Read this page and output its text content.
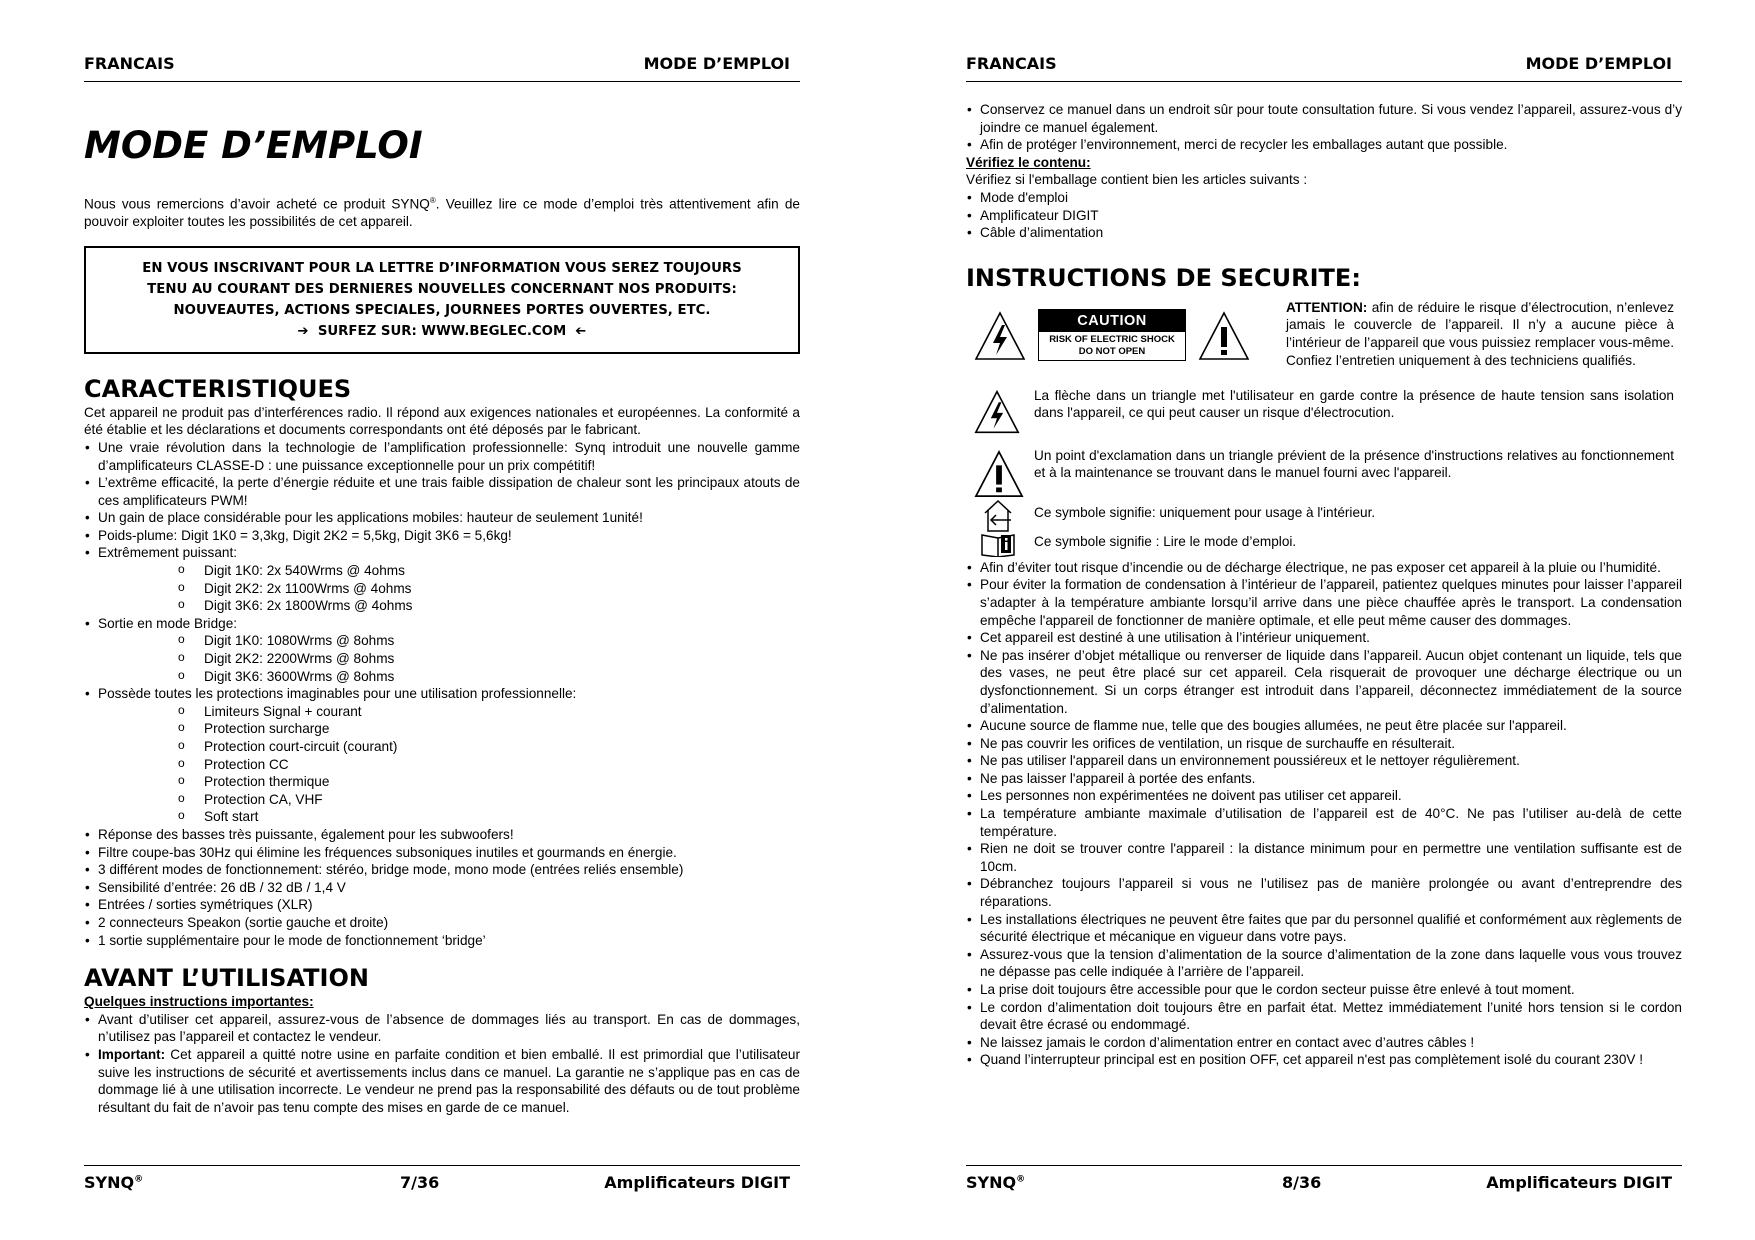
FRANCAIS	MODE D’EMPLOI
MODE D’EMPLOI

Nous vous remercions d’avoir acheté ce produit SYNQ®. Veuillez lire ce mode d’emploi très attentivement afin de pouvoir exploiter toutes les possibilités de cet appareil.

EN VOUS INSCRIVANT POUR LA LETTRE D’INFORMATION VOUS SEREZ TOUJOURS
TENU AU COURANT DES DERNIERES NOUVELLES CONCERNANT NOS PRODUITS:
NOUVEAUTES, ACTIONS SPECIALES, JOURNEES PORTES OUVERTES, ETC.
➔ SURFEZ SUR: WWW.BEGLEC.COM ➔
CARACTERISTIQUES

Cet appareil ne produit pas d’interférences radio. Il répond aux exigences nationales et européennes. La conformité a été établie et les déclarations et documents correspondants ont été déposés par le fabricant.

• Une vraie révolution dans la technologie de l’amplification professionnelle: Synq introduit une nouvelle gamme d’amplificateurs CLASSE-D : une puissance exceptionnelle pour un prix compétitif!
• L’extrême efficacité, la perte d’énergie réduite et une trais faible dissipation de chaleur sont les principaux atouts de ces amplificateurs PWM!
• Un gain de place considérable pour les applications mobiles: hauteur de seulement 1unité!
• Poids-plume: Digit 1K0 = 3,3kg, Digit 2K2 = 5,5kg, Digit 3K6 = 5,6kg!
• Extrêmement puissant:
o Digit 1K0: 2x 540Wrms @ 4ohms
o Digit 2K2: 2x 1100Wrms @ 4ohms
o Digit 3K6: 2x 1800Wrms @ 4ohms
• Sortie en mode Bridge:
o Digit 1K0: 1080Wrms @ 8ohms
o Digit 2K2: 2200Wrms @ 8ohms
o Digit 3K6: 3600Wrms @ 8ohms
• Possède toutes les protections imaginables pour une utilisation professionnelle:
o Limiteurs Signal + courant
o Protection surcharge
o Protection court-circuit (courant)
o Protection CC
o Protection thermique
o Protection CA, VHF
o Soft start
• Réponse des basses très puissante, également pour les subwoofers!
• Filtre coupe-bas 30Hz qui élimine les fréquences subsoniques inutiles et gourmands en énergie.
• 3 différent modes de fonctionnement: stéréo, bridge mode, mono mode (entrées reliés ensemble)
• Sensibilité d’entrée: 26 dB / 32 dB / 1,4 V
• Entrées / sorties symétriques (XLR)
• 2 connecteurs Speakon (sortie gauche et droite)
• 1 sortie supplémentaire pour le mode de fonctionnement ‘bridge’
AVANT L’UTILISATION
Quelques instructions importantes:
• Avant d’utiliser cet appareil, assurez-vous de l’absence de dommages liés au transport. En cas de dommages, n’utilisez pas l’appareil et contactez le vendeur.
• Important: Cet appareil a quitté notre usine en parfaite condition et bien emballé. Il est primordial que l’utilisateur suive les instructions de sécurité et avertissements inclus dans ce manuel. La garantie ne s’applique pas en cas de dommage lié à une utilisation incorrecte. Le vendeur ne prend pas la responsabilité des défauts ou de tout problème résultant du fait de n’avoir pas tenu compte des mises en garde de ce manuel.
SYNQ®	7/36	Amplificateurs DIGIT
FRANCAIS	MODE D’EMPLOI
• Conservez ce manuel dans un endroit sûr pour toute consultation future. Si vous vendez l’appareil, assurez-vous d’y joindre ce manuel également.
• Afin de protéger l’environnement, merci de recycler les emballages autant que possible.
Vérifiez le contenu:

Vérifiez si l'emballage contient bien les articles suivants :

• Mode d'emploi
• Amplificateur DIGIT
• Câble d’alimentation
INSTRUCTIONS DE SECURITE:
CAUTION
RISK OF ELECTRIC SHOCK
DO NOT OPEN

ATTENTION: afin de réduire le risque d’électrocution, n’enlevez jamais le couvercle de l’appareil. Il n’y a aucune pièce à l’intérieur de l’appareil que vous puissiez remplacer vous-même. Confiez l’entretien uniquement à des techniciens qualifiés.

La flèche dans un triangle met l'utilisateur en garde contre la présence de haute tension sans isolation dans l'appareil, ce qui peut causer un risque d'électrocution.

Un point d'exclamation dans un triangle prévient de la présence d'instructions relatives au fonctionnement et à la maintenance se trouvant dans le manuel fourni avec l'appareil.

Ce symbole signifie: uniquement pour usage à l'intérieur.

Ce symbole signifie : Lire le mode d’emploi.

• Afin d’éviter tout risque d’incendie ou de décharge électrique, ne pas exposer cet appareil à la pluie ou l’humidité.
• Pour éviter la formation de condensation à l’intérieur de l’appareil, patientez quelques minutes pour laisser l’appareil s’adapter à la température ambiante lorsqu’il arrive dans une pièce chauffée après le transport. La condensation empêche l'appareil de fonctionner de manière optimale, et elle peut même causer des dommages.
• Cet appareil est destiné à une utilisation à l’intérieur uniquement.
• Ne pas insérer d’objet métallique ou renverser de liquide dans l’appareil. Aucun objet contenant un liquide, tels que des vases, ne peut être placé sur cet appareil. Cela risquerait de provoquer une décharge électrique ou un dysfonctionnement. Si un corps étranger est introduit dans l’appareil, déconnectez immédiatement de la source d’alimentation.
• Aucune source de flamme nue, telle que des bougies allumées, ne peut être placée sur l'appareil.
• Ne pas couvrir les orifices de ventilation, un risque de surchauffe en résulterait.
• Ne pas utiliser l'appareil dans un environnement poussiéreux et le nettoyer régulièrement.
• Ne pas laisser l'appareil à portée des enfants.
• Les personnes non expérimentées ne doivent pas utiliser cet appareil.
• La température ambiante maximale d’utilisation de l’appareil est de 40°C. Ne pas l’utiliser au-delà de cette température.
• Rien ne doit se trouver contre l'appareil : la distance minimum pour en permettre une ventilation suffisante est de 10cm.
• Débranchez toujours l’appareil si vous ne l’utilisez pas de manière prolongée ou avant d’entreprendre des réparations.
• Les installations électriques ne peuvent être faites que par du personnel qualifié et conformément aux règlements de sécurité électrique et mécanique en vigueur dans votre pays.
• Assurez-vous que la tension d’alimentation de la source d’alimentation de la zone dans laquelle vous vous trouvez ne dépasse pas celle indiquée à l’arrière de l’appareil.
• La prise doit toujours être accessible pour que le cordon secteur puisse être enlevé à tout moment.
• Le cordon d’alimentation doit toujours être en parfait état. Mettez immédiatement l’unité hors tension si le cordon devait être écrasé ou endommagé.
• Ne laissez jamais le cordon d’alimentation entrer en contact avec d’autres câbles !
• Quand l’interrupteur principal est en position OFF, cet appareil n'est pas complètement isolé du courant 230V !
SYNQ®	8/36	Amplificateurs DIGIT
